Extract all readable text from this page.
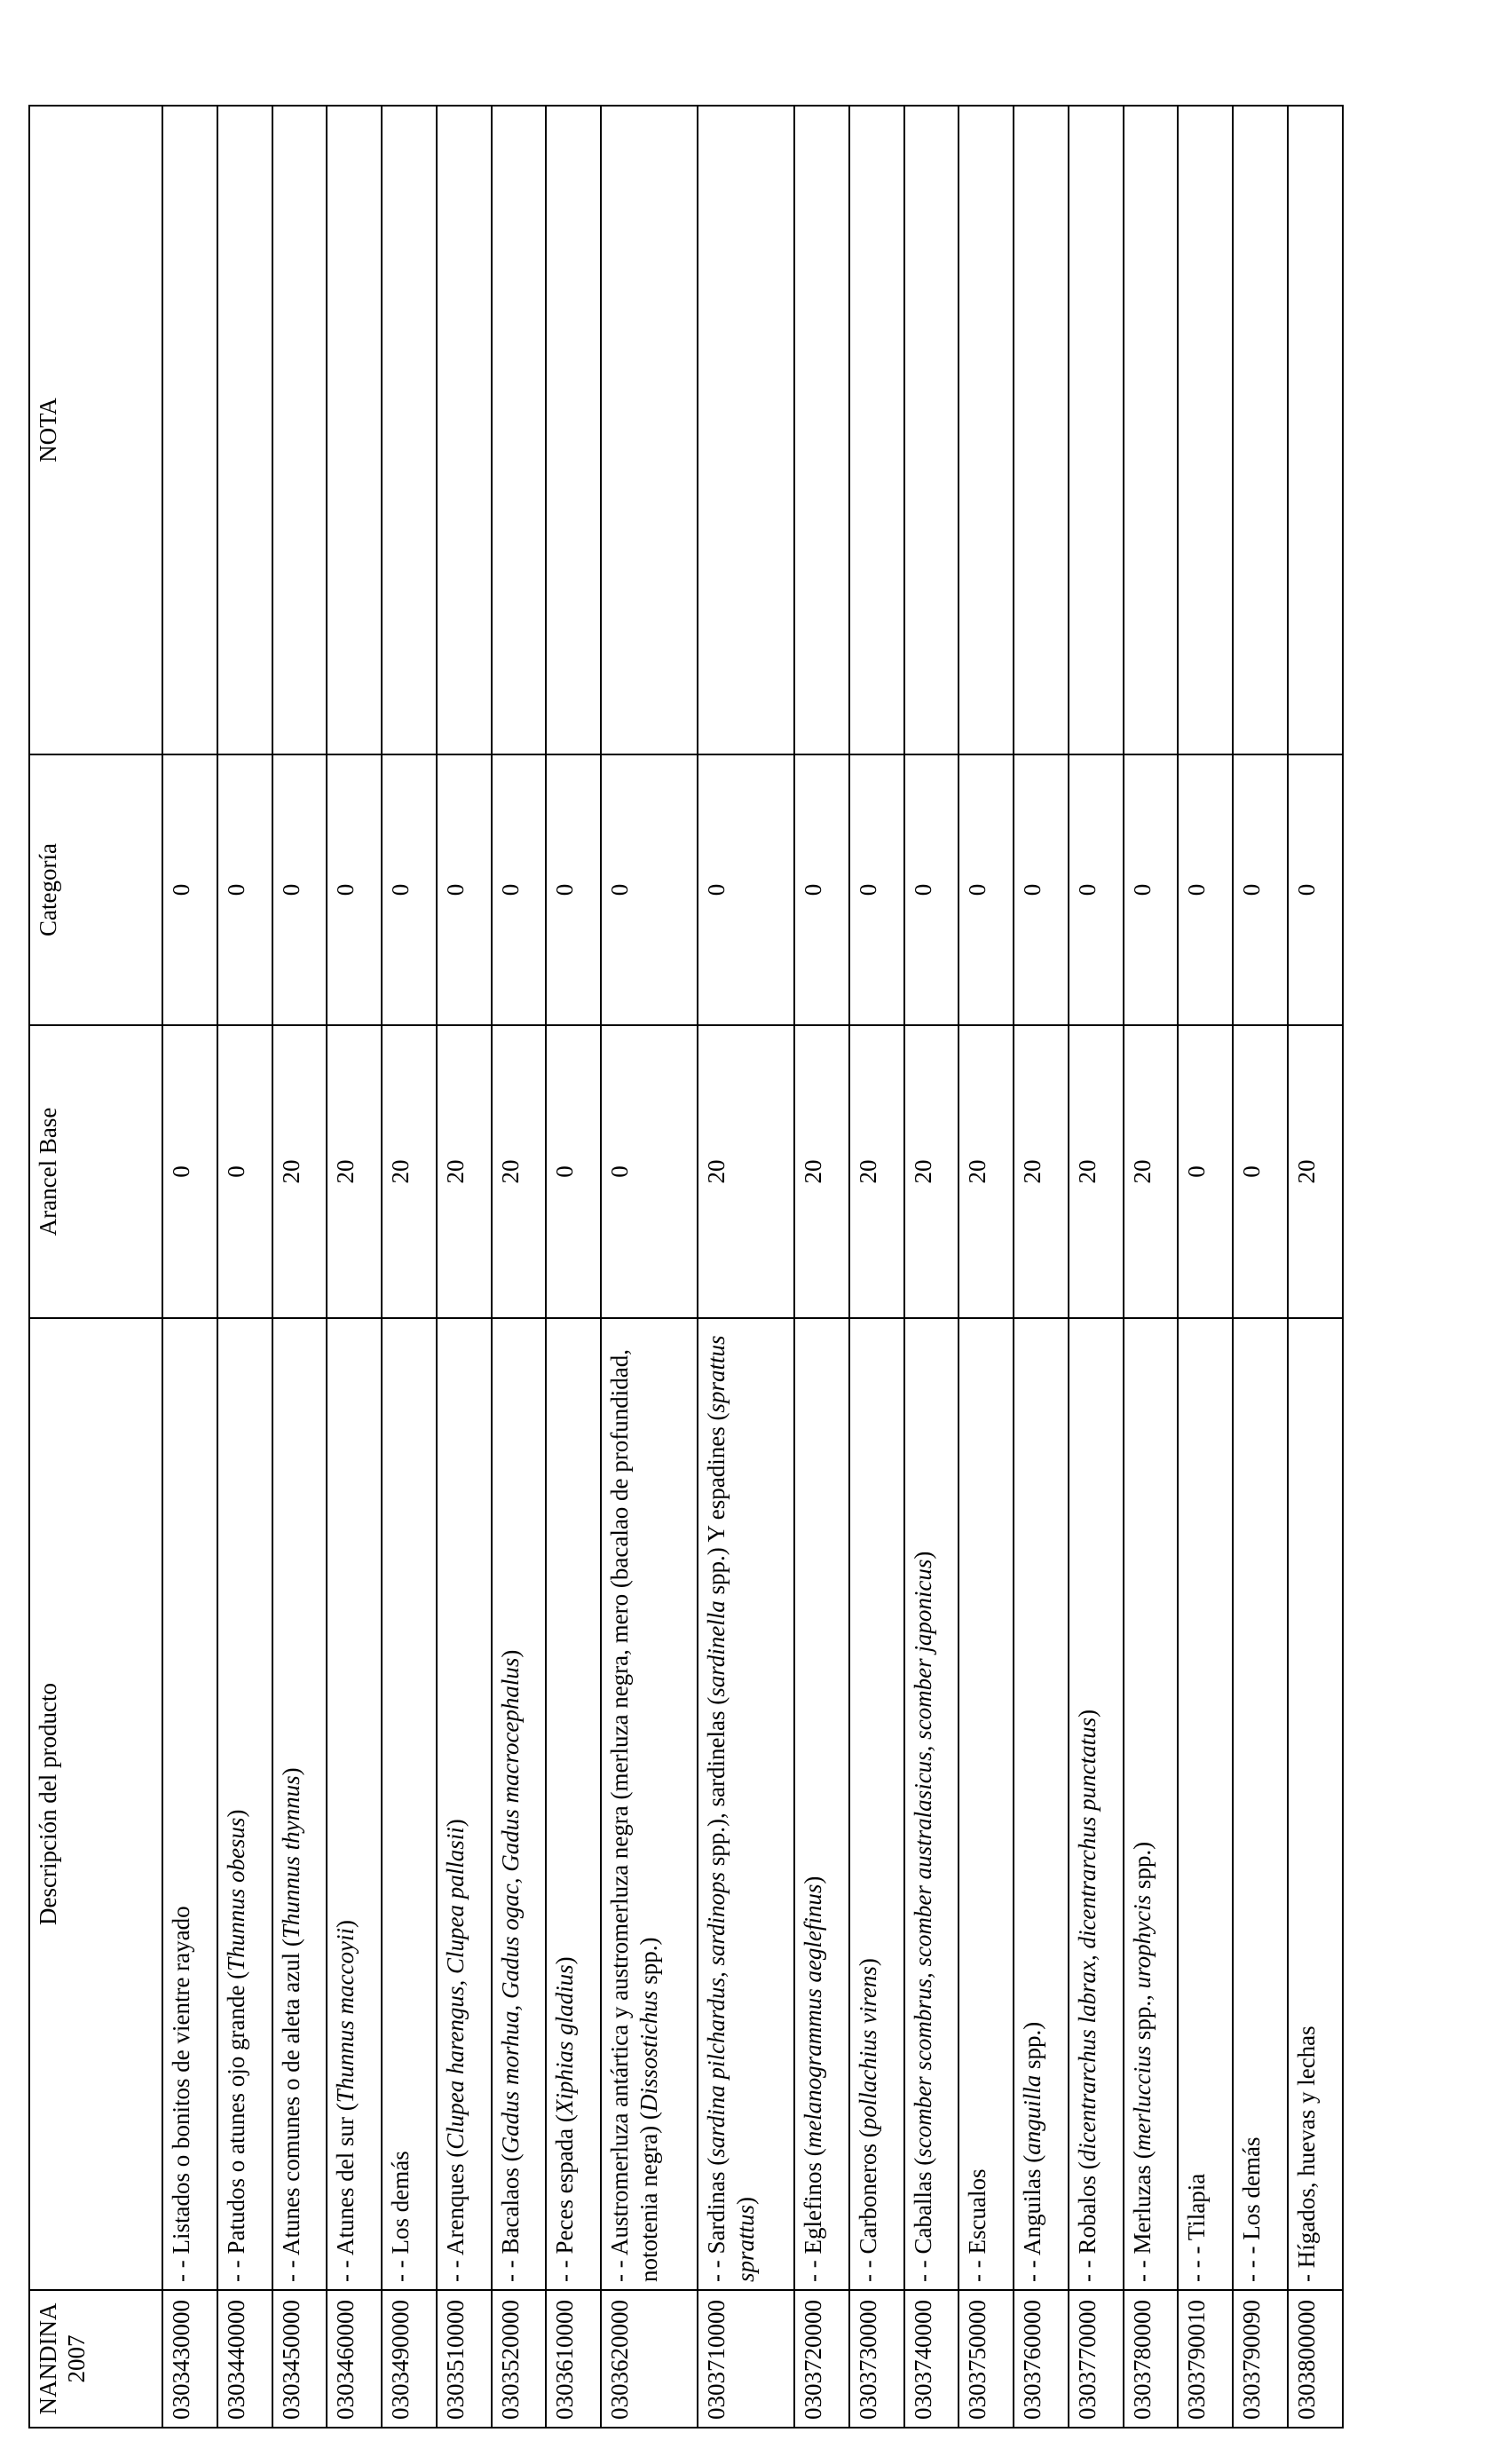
NANDINA 2007	Descripción del producto	Arancel Base	Categoría	NOTA
0303430000	- - Listados o bonitos de vientre rayado	0	0	
0303440000	- - Patudos o atunes ojo grande (Thunnus obesus)	0	0	
0303450000	- - Atunes comunes o de aleta azul (Thunnus thynnus)	20	0	
0303460000	- - Atunes del sur (Thunnus maccoyii)	20	0	
0303490000	- - Los demás	20	0	
0303510000	- - Arenques (Clupea harengus, Clupea pallasii)	20	0	
0303520000	- - Bacalaos (Gadus morhua, Gadus ogac, Gadus macrocephalus)	20	0	
0303610000	- - Peces espada (Xiphias gladius)	0	0	
0303620000	- - Austromerluza antártica y austromerluza negra (merluza negra, mero (bacalao de profundidad, nototenia negra) (Dissostichus spp.)	0	0	
0303710000	- - Sardinas (sardina pilchardus, sardinops spp.), sardinelas (sardinella spp.) Y espadines (sprattus sprattus)	20	0	
0303720000	- - Eglefinos (melanogrammus aeglefinus)	20	0	
0303730000	- - Carboneros (pollachius virens)	20	0	
0303740000	- - Caballas (scomber scombrus, scomber australasicus, scomber japonicus)	20	0	
0303750000	- - Escualos	20	0	
0303760000	- - Anguilas (anguilla spp.)	20	0	
0303770000	- - Robalos (dicentrarchus labrax, dicentrarchus punctatus)	20	0	
0303780000	- - Merluzas (merluccius spp., urophycis spp.)	20	0	
0303790010	- - - Tilapia	0	0	
0303790090	- - - Los demás	0	0	
0303800000	- Hígados, huevas y lechas	20	0	
